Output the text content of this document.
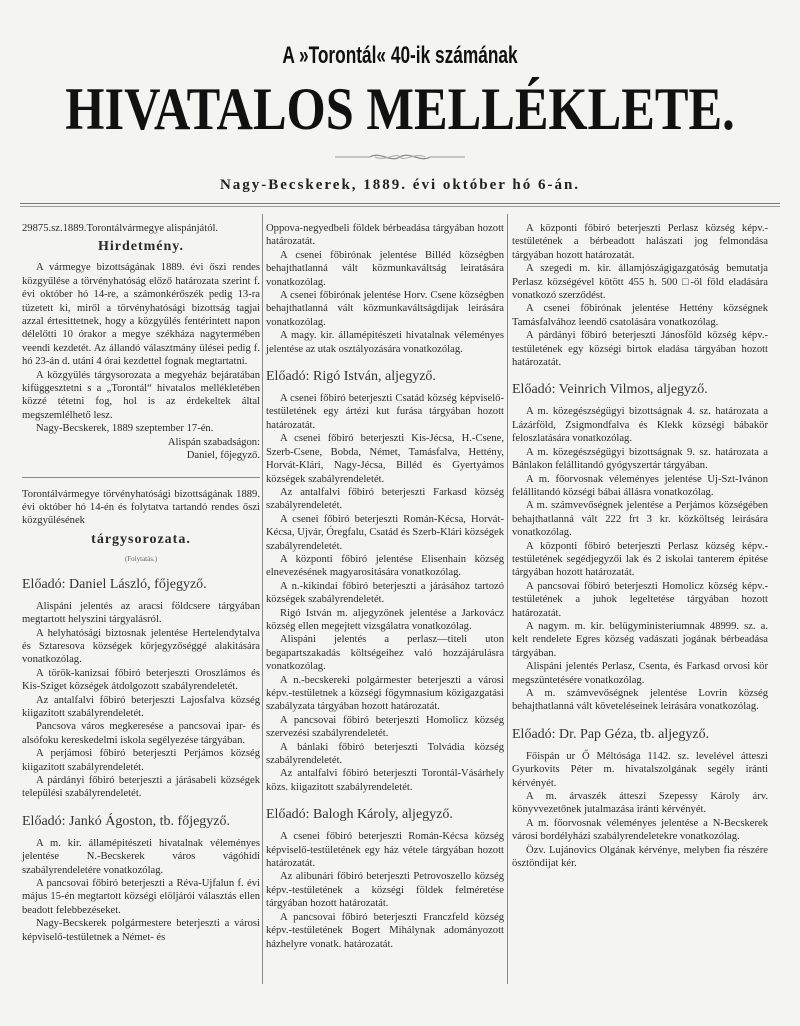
A »Torontál« 40-ik számának
HIVATALOS MELLÉKLETE.
Nagy-Becskerek, 1889. évi október hó 6-án.

29875.sz.1889.Torontálvármegye alispánjától.

Hirdetmény.

A vármegye bizottságának 1889. évi őszi rendes közgyűlése a törvényhatóság előző határozata szerint f. évi október hó 14-re, a számonkérőszék pedig 13-ra tüzetett ki, miről a törvényhatósági bizottság tagjai azzal értesittetnek, hogy a közgyülés fentérintett napon délelőtti 10 órakor a megye székháza nagytermében veendi kezdetét. Az állandó választmány ülései pedig f. hó 23-án d. utáni 4 órai kezdettel fognak megtartatni.

A közgyülés tárgysorozata a megyeház bejáratában kifüggesztetni s a „Torontál“ hivatalos mellékletében közzé tétetni fog, hol is az érdekeltek által megszemlélhető lesz.

Nagy-Becskerek, 1889 szeptember 17-én.

Alispán szabadságon:

Daniel, főjegyző.

Torontálvármegye törvényhatósági bizottságának 1889. évi október hó 14-én és folytatva tartandó rendes őszi közgyűlésének

tárgysorozata.
(Folytatás.)
Előadó: Daniel László, főjegyző.

Alispáni jelentés az aracsi földcsere tárgyában megtartott helyszini tárgyalásról.

A helyhatósági biztosnak jelentése Hertelendytalva és Sztaresova községek körjegyzőséggé alakitására vonatkozólag.

A török-kanizsai főbiró beterjeszti Oroszlámos és Kis-Sziget községek átdolgozott szabályrendeletét.

Az antalfalvi főbiró beterjeszti Lajosfalva község kiigazitott szabályrendeletét.

Pancsova város megkeresése a pancsovai ipar- és alsófoku kereskedelmi iskola segélyezése tárgyában.

A perjámosi főbiró beterjeszti Perjámos község kiigazitott szabályrendeletét.

A párdányi főbiró beterjeszti a járásabeli községek települési szabályrendeletét.

Előadó: Jankó Ágoston, tb. főjegyző.

A m. kir. államépitészeti hivatalnak véleményes jelentése N.-Becskerek város vágóhidi szabályrendeletére vonatkozólag.

A pancsovai főbiró beterjeszti a Réva-Ujfalun f. évi május 15-én megtartott községi elöljárói választás ellen beadott felebbezéseket.

Nagy-Becskerek polgármestere beterjeszti a városi képviselő-testületnek a Német- és

Oppova-negyedbeli földek bérbeadása tárgyában hozott határozatát.

A csenei főbirónak jelentése Billéd községben behajthatlanná vált közmunkaváltság leiratására vonatkozólag.

A csenei főbirónak jelentése Horv. Csene községben behajthatlanná vált közmunkaváltságdijak leirására vonatkozólag.

A magy. kir. államépitészeti hivatalnak véleményes jelentése az utak osztályozására vonatkozólag.

Előadó: Rigó István, aljegyző.

A csenei főbiró beterjeszti Csatád község képviselő-testületének egy ártézi kut furása tárgyában hozott határozatát.

A csenei főbiró beterjeszti Kis-Jécsa, H.-Csene, Szerb-Csene, Bobda, Német, Tamásfalva, Hettény, Horvát-Klári, Nagy-Jécsa, Billéd és Gyertyámos községek szabályrendeletét.

Az antalfalvi főbiró beterjeszti Farkasd község szabályrendeletét.

A csenei főbiró beterjeszti Román-Kécsa, Horvát-Kécsa, Ujvár, Óregfalu, Csatád és Szerb-Klári községek szabályrendeletét.

A központi főbiró jelentése Elisenhain község elnevezésének magyarositására vonatkozólag.

A n.-kikindai főbiró beterjeszti a járásához tartozó községek szabályrendeletét.

Rigó István m. aljegyzőnek jelentése a Jarkovácz község ellen megejtett vizsgálatra vonatkozólag.

Alispáni jelentés a perlasz—titeli uton begapartszakadás költségeihez való hozzájárulásra vonatkozólag.

A n.-becskereki polgármester beterjeszti a városi képv.-testületnek a községi főgymnasium közigazgatási szabályzata tárgyában hozott határozatát.

A pancsovai főbiró beterjeszti Homolicz község szervezési szabályrendeletét.

A bánlaki főbiró beterjeszti Tolvádia község szabályrendeletét.

Az antalfalvi főbiró beterjeszti Torontál-Vásárhely közs. kiigazitott szabályrendeletét.

Előadó: Balogh Károly, aljegyző.

A csenei főbiró beterjeszti Román-Kécsa község képviselő-testületének egy ház vétele tárgyában hozott határozatát.

Az alibunári főbiró beterjeszti Petrovoszello község képv.-testületének a községi földek felméretése tárgyában hozott határozatát.

A pancsovai főbiró beterjeszti Franczfeld község képv.-testületének Bogert Mihálynak adományozott házhelyre vonatk. határozatát.

A központi főbiró beterjeszti Perlasz község képv.-testületének a bérbeadott halászati jog felmondása tárgyában hozott határozatát.

A szegedi m. kir. államjószágigazgatóság bemutatja Perlasz községével kötött 455 h. 500 □-öl föld eladására vonatkozó szerződést.

A csenei főbirónak jelentése Hettény községnek Tamásfalvához leendő csatolására vonatkozólag.

A párdányi főbiró beterjeszti Jánosföld község képv.-testületének egy községi birtok eladása tárgyában hozott határozatát.

Előadó: Veinrich Vilmos, aljegyző.

A m. közegészségügyi bizottságnak 4. sz. határozata a Lázárföld, Zsigmondfalva és Klekk községi bábakör feloszlatására vonatkozólag.

A m. közegészségügyi bizottságnak 9. sz. határozata a Bánlakon felállitandó gyógyszertár tárgyában.

A m. főorvosnak véleményes jelentése Uj-Szt-Ivánon felállitandó községi bábai állásra vonatkozólag.

A m. számvevőségnek jelentése a Perjámos községében behajthatlanná vált 222 frt 3 kr. közköltség leirására vonatkozólag.

A központi főbiró beterjeszti Perlasz község képv.-testületének segédjegyzői lak és 2 iskolai tanterem épitése tárgyában hozott határozatát.

A pancsovai főbiró beterjeszti Homolicz község képv.-testületének a juhok legeltetése tárgyában hozott határozatát.

A nagym. m. kir. belügyministeriumnak 48999. sz. a. kelt rendelete Egres község vadászati jogának bérbeadása tárgyában.

Alispáni jelentés Perlasz, Csenta, és Farkasd orvosi kör megszüntetésére vonatkozólag.

A m. számvevőségnek jelentése Lovrin község behajthatlanná vált követeléseinek leirására vonatkozólag.

Előadó: Dr. Pap Géza, tb. aljegyző.

Főispán ur Ő Méltósága 1142. sz. levelével átteszi Gyurkovits Péter m. hivatalszolgának segély iránti kérvényét.

A m. árvaszék átteszi Szepessy Károly árv. könyvvezetőnek jutalmazása iránti kérvényét.

A m. főorvosnak véleményes jelentése a N-Becskerek városi bordélyházi szabályrendeletekre vonatkozólag.

Özv. Lujánovics Olgának kérvénye, melyben fia részére ösztöndijat kér.
